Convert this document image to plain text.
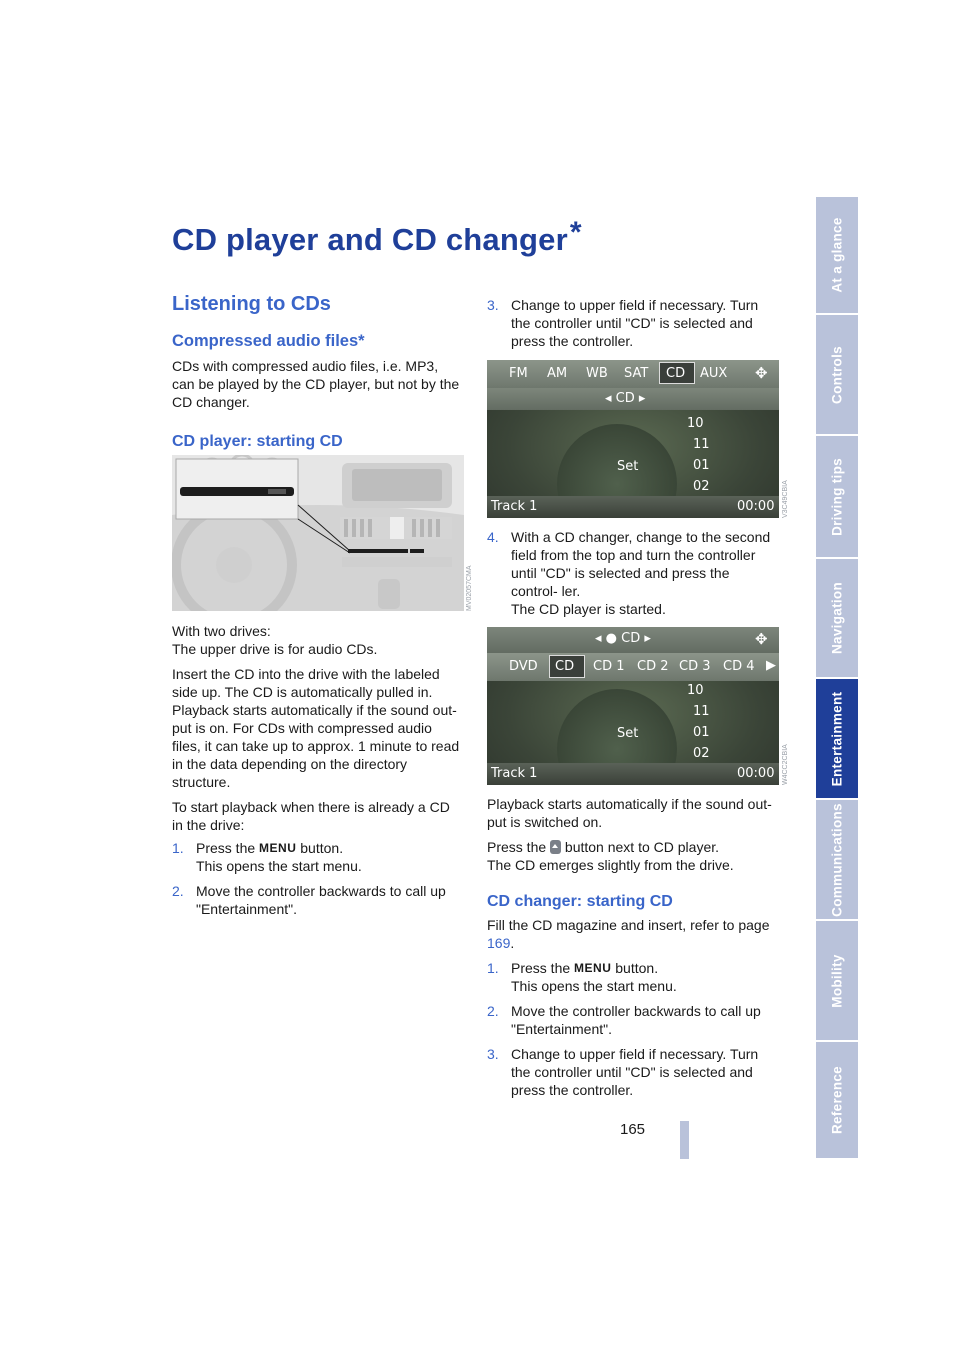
At a glance
Controls
Driving tips
Navigation
Entertainment
Communications
Mobility
Reference
CD player and CD changer*
Listening to CDs
Compressed audio files*
CDs with compressed audio files, i.e. MP3, can be played by the CD player, but not by the CD changer.
CD player: starting CD
MV02057CMA
With two drives:
The upper drive is for audio CDs.
Insert the CD into the drive with the labeled side up. The CD is automatically pulled in.
Playback starts automatically if the sound out- put is on. For CDs with compressed audio files, it can take up to approx. 1 minute to read in the data depending on the directory structure.
To start playback when there is already a CD in the drive:
1. Press the MENU button.
This opens the start menu.
2. Move the controller backwards to call up "Entertainment".
3. Change to upper field if necessary. Turn the controller until "CD" is selected and press the controller.
FM AM WB SAT CD AUX ✥
◂ CD ▸
10
11
01
02
Set
Track 1	00:00 V3C49CBIA
4. With a CD changer, change to the second field from the top and turn the controller until "CD" is selected and press the control- ler.
The CD player is started.
◂ ● CD ▸	✥
DVD CD CD 1 CD 2 CD 3 CD 4 ▶
10
11
01
02
Set
Track 1	00:00 W4CC2CBIA
Playback starts automatically if the sound out- put is switched on.
Press the button next to CD player.
The CD emerges slightly from the drive.
CD changer: starting CD
Fill the CD magazine and insert, refer to page 169.
1. Press the MENU button.
This opens the start menu.
2. Move the controller backwards to call up "Entertainment".
3. Change to upper field if necessary. Turn the controller until "CD" is selected and press the controller.
165
